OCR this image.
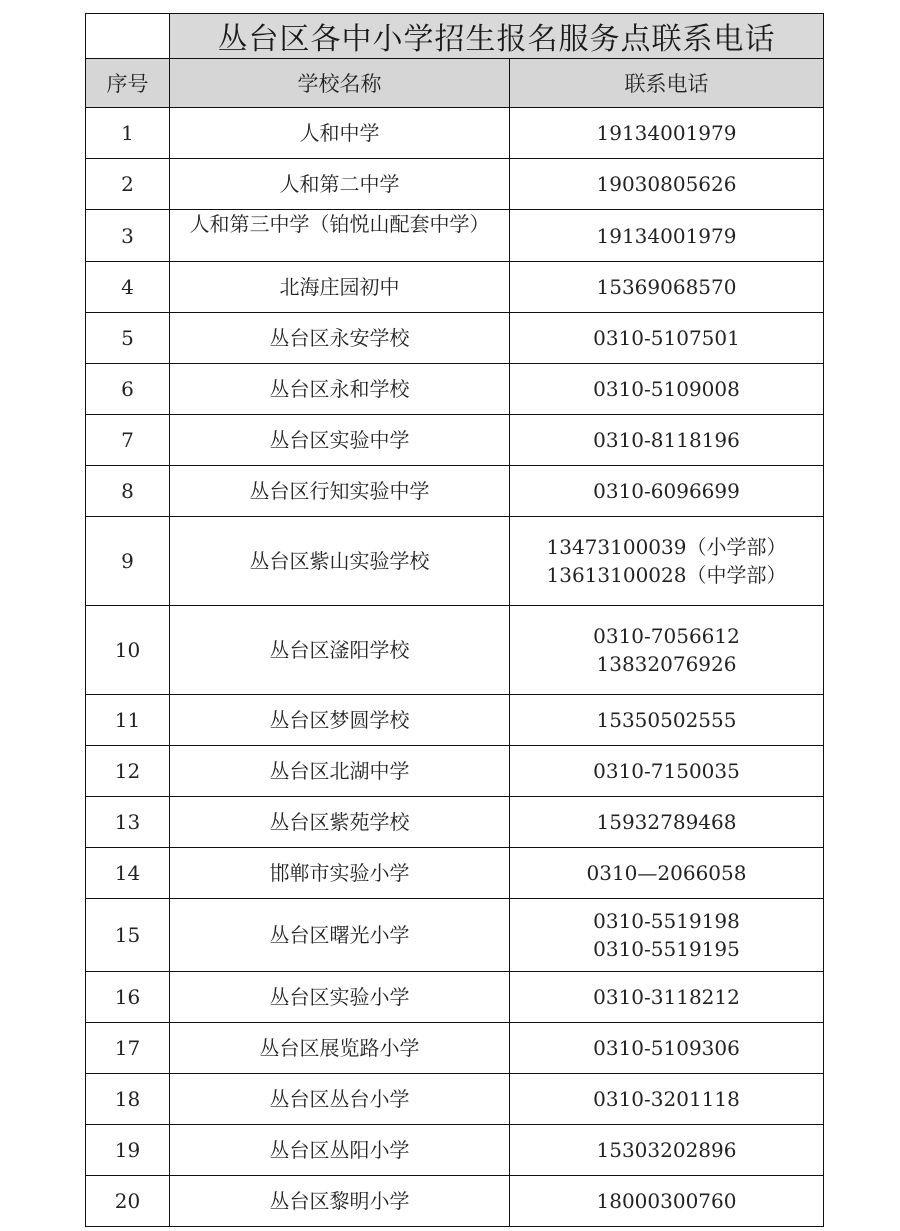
	丛台区各中小学招生报名服务点联系电话	
序号	学校名称	联系电话
1	人和中学	19134001979

2	人和第二中学	19030805626

3	人和第三中学（铂悦山配套中学）	19134001979

4	北海庄园初中	15369068570

5	丛台区永安学校	0310-5107501

6	丛台区永和学校	0310-5109008

7	丛台区实验中学	0310-8118196

8	丛台区行知实验中学	0310-6096699

9	丛台区紫山实验学校	13473100039（小学部）
13613100028（中学部）

10	丛台区滏阳学校	0310-7056612
13832076926

11	丛台区梦圆学校	15350502555

12	丛台区北湖中学	0310-7150035

13	丛台区紫苑学校	15932789468

14	邯郸市实验小学	0310—2066058

15	丛台区曙光小学	0310-5519198
0310-5519195

16	丛台区实验小学	0310-3118212

17	丛台区展览路小学	0310-5109306

18	丛台区丛台小学	0310-3201118

19	丛台区丛阳小学	15303202896

20	丛台区黎明小学	18000300760
